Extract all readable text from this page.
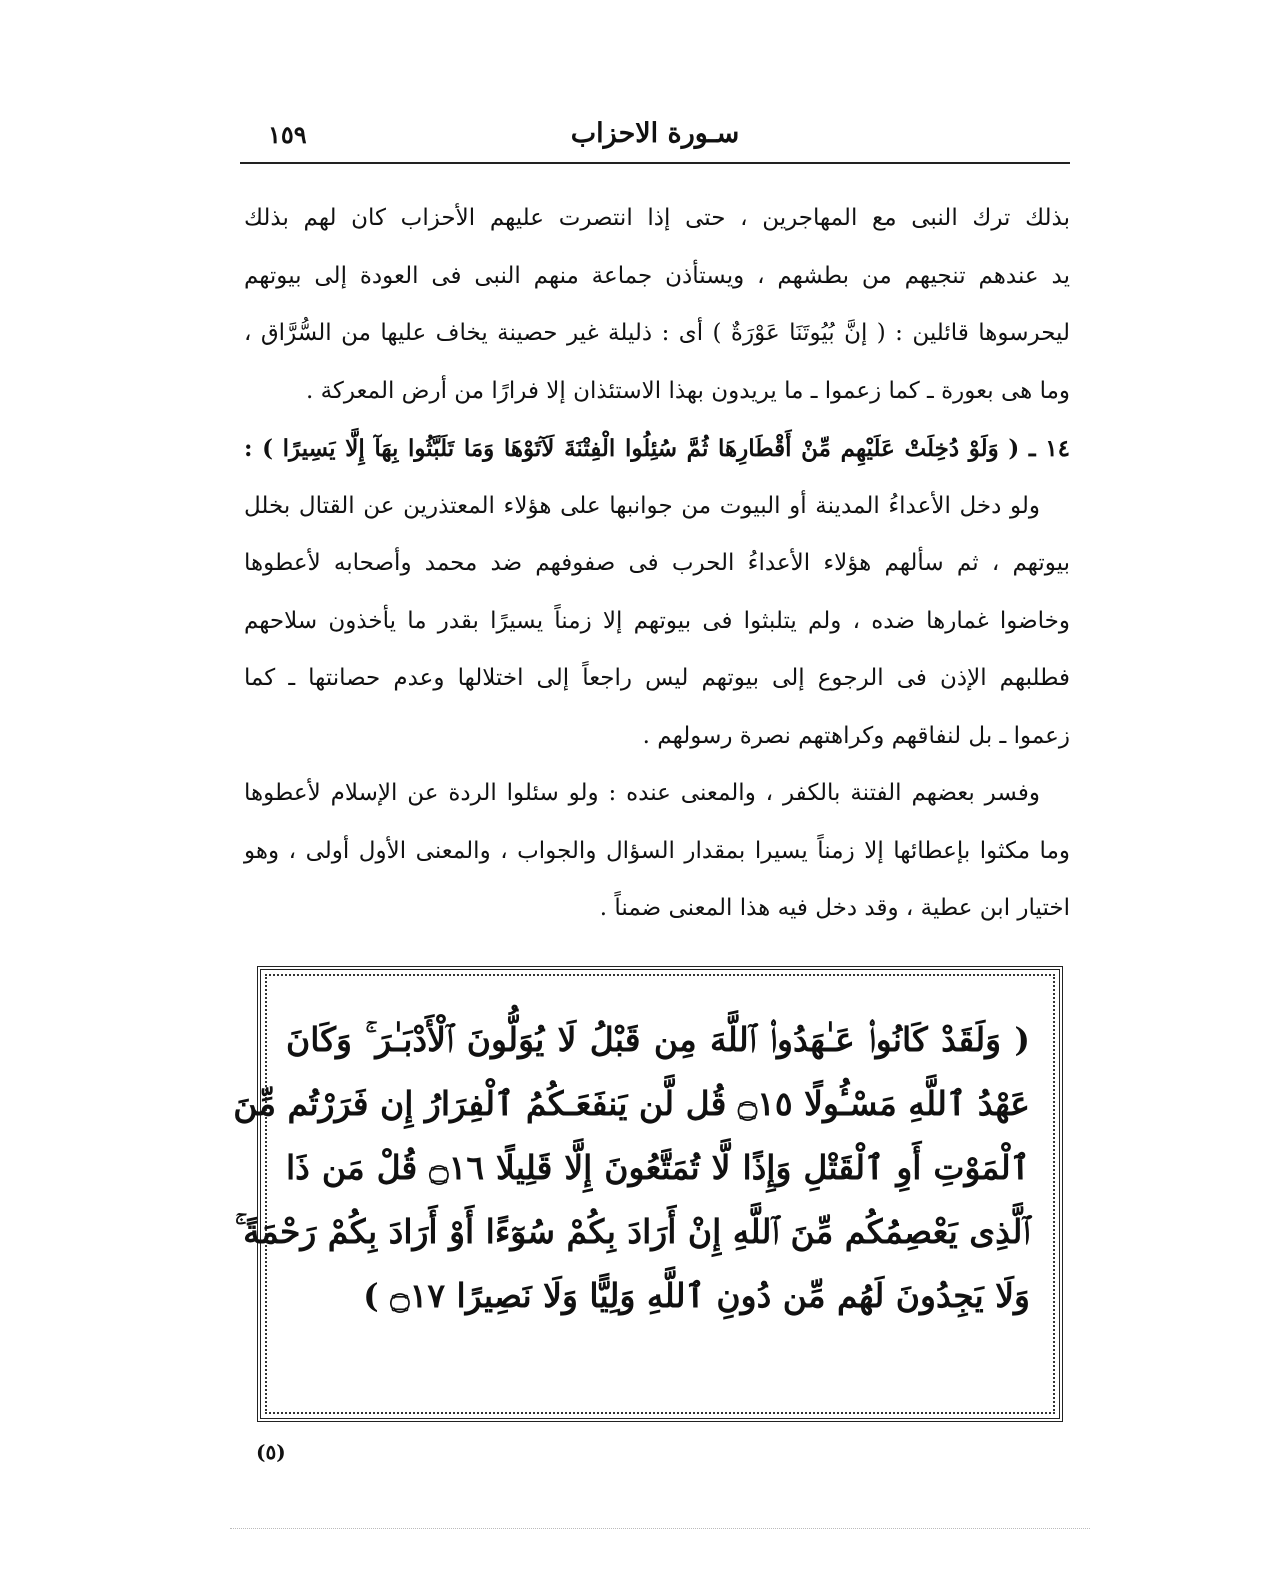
سـورة الاحزاب
١٥٩
بذلك ترك النبى مع المهاجرين ، حتى إذا انتصرت عليهم الأحزاب كان لهم بذلك
يد عندهم تنجيهم من بطشهم ، ويستأذن جماعة منهم النبى فى العودة إلى بيوتهم
ليحرسوها قائلين : ( إنَّ بُيُوتَنَا عَوْرَةٌ ) أى : ذليلة غير حصينة يخاف عليها من السُّرَّاق ،
وما هى بعورة ـ كما زعموا ـ ما يريدون بهذا الاستئذان إلا فرارًا من أرض المعركة .
١٤ ـ ( وَلَوْ دُخِلَتْ عَلَيْهِم مِّنْ أَقْطَارِهَا ثُمَّ سُئِلُوا الْفِتْنَةَ لَآتَوْهَا وَمَا تَلَبَّثُوا بِهَآ إِلَّا يَسِيرًا ) :
ولو دخل الأعداءُ المدينة أو البيوت من جوانبها على هؤلاء المعتذرين عن القتال بخلل
بيوتهم ، ثم سألهم هؤلاء الأعداءُ الحرب فى صفوفهم ضد محمد وأصحابه لأعطوها
وخاضوا غمارها ضده ، ولم يتلبثوا فى بيوتهم إلا زمناً يسيرًا بقدر ما يأخذون سلاحهم
فطلبهم الإذن فى الرجوع إلى بيوتهم ليس راجعاً إلى اختلالها وعدم حصانتها ـ كما
زعموا ـ بل لنفاقهم وكراهتهم نصرة رسولهم .
وفسر بعضهم الفتنة بالكفر ، والمعنى عنده : ولو سئلوا الردة عن الإسلام لأعطوها
وما مكثوا بإعطائها إلا زمناً يسيرا بمقدار السؤال والجواب ، والمعنى الأول أولى ، وهو
اختيار ابن عطية ، وقد دخل فيه هذا المعنى ضمناً .
( وَلَقَدْ كَانُوا۟ عَـٰهَدُوا۟ ٱللَّهَ مِن قَبْلُ لَا يُوَلُّونَ ٱلْأَدْبَـٰرَ ۚ وَكَانَ
عَهْدُ ٱللَّهِ مَسْـُٔولًا ۝١٥ قُل لَّن يَنفَعَـكُمُ ٱلْفِرَارُ إِن فَرَرْتُم مِّنَ
ٱلْمَوْتِ أَوِ ٱلْقَتْلِ وَإِذًا لَّا تُمَتَّعُونَ إِلَّا قَلِيلًا ۝١٦ قُلْ مَن ذَا
ٱلَّذِى يَعْصِمُكُم مِّنَ ٱللَّهِ إِنْ أَرَادَ بِكُمْ سُوٓءًا أَوْ أَرَادَ بِكُمْ رَحْمَةً ۚ
وَلَا يَجِدُونَ لَهُم مِّن دُونِ ٱللَّهِ وَلِيًّا وَلَا نَصِيرًا ۝١٧ )
(٥)
